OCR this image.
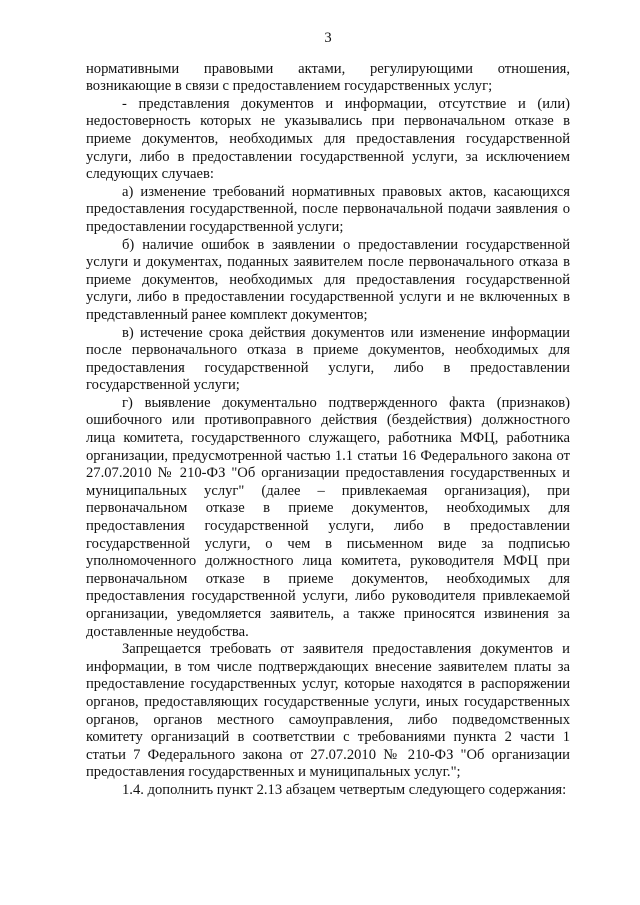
3

нормативными правовыми актами, регулирующими отношения, возникающие в связи с предоставлением государственных услуг;

- представления документов и информации, отсутствие и (или) недостоверность которых не указывались при первоначальном отказе в приеме документов, необходимых для предоставления государственной услуги, либо в предоставлении государственной услуги, за исключением следующих случаев:

а) изменение требований нормативных правовых актов, касающихся предоставления государственной, после первоначальной подачи заявления о предоставлении государственной услуги;

б) наличие ошибок в заявлении о предоставлении государственной услуги и документах, поданных заявителем после первоначального отказа в приеме документов, необходимых для предоставления государственной услуги, либо в предоставлении государственной услуги и не включенных в представленный ранее комплект документов;

в) истечение срока действия документов или изменение информации после первоначального отказа в приеме документов, необходимых для предоставления государственной услуги, либо в предоставлении государственной услуги;

г) выявление документально подтвержденного факта (признаков) ошибочного или противоправного действия (бездействия) должностного лица комитета, государственного служащего, работника МФЦ, работника организации, предусмотренной частью 1.1 статьи 16 Федерального закона от 27.07.2010 № 210-ФЗ "Об организации предоставления государственных и муниципальных услуг" (далее – привлекаемая организация), при первоначальном отказе в приеме документов, необходимых для предоставления государственной услуги, либо в предоставлении государственной услуги, о чем в письменном виде за подписью уполномоченного должностного лица комитета, руководителя МФЦ при первоначальном отказе в приеме документов, необходимых для предоставления государственной услуги, либо руководителя привлекаемой организации, уведомляется заявитель, а также приносятся извинения за доставленные неудобства.

Запрещается требовать от заявителя предоставления документов и информации, в том числе подтверждающих внесение заявителем платы за предоставление государственных услуг, которые находятся в распоряжении органов, предоставляющих государственные услуги, иных государственных органов, органов местного самоуправления, либо подведомственных комитету организаций в соответствии с требованиями пункта 2 части 1 статьи 7 Федерального закона от 27.07.2010 № 210-ФЗ "Об организации предоставления государственных и муниципальных услуг.";

1.4. дополнить пункт 2.13 абзацем четвертым следующего содержания:
